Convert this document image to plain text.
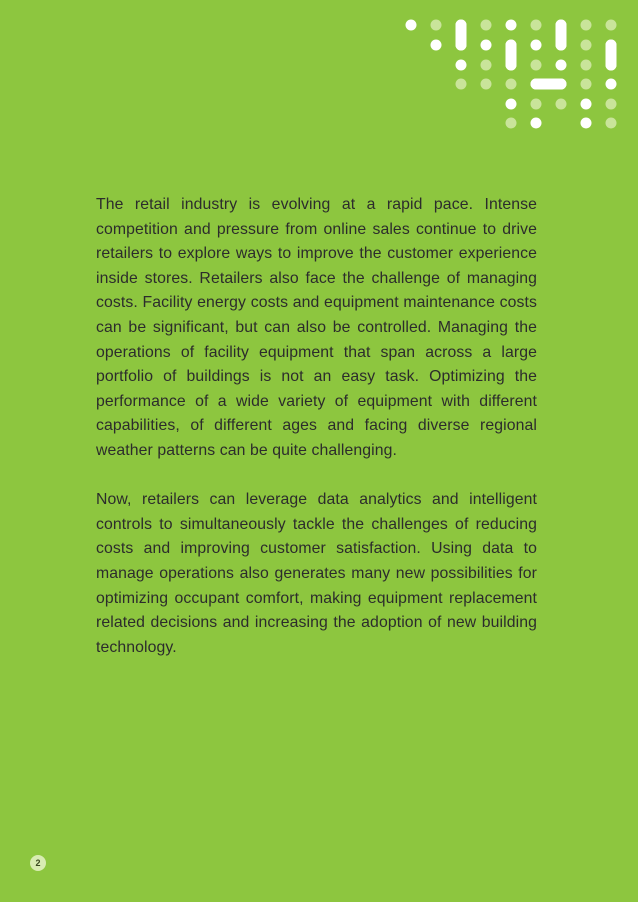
The retail industry is evolving at a rapid pace. Intense competition and pressure from online sales continue to drive retailers to explore ways to improve the customer experience inside stores. Retailers also face the challenge of managing costs. Facility energy costs and equipment maintenance costs can be significant, but can also be controlled. Managing the operations of facility equipment that span across a large portfolio of buildings is not an easy task. Optimizing the performance of a wide variety of equipment with different capabilities, of different ages and facing diverse regional weather patterns can be quite challenging.

Now, retailers can leverage data analytics and intelligent controls to simultaneously tackle the challenges of reducing costs and improving customer satisfaction. Using data to manage operations also generates many new possibilities for optimizing occupant comfort, making equipment replacement related decisions and increasing the adoption of new building technology.

2
